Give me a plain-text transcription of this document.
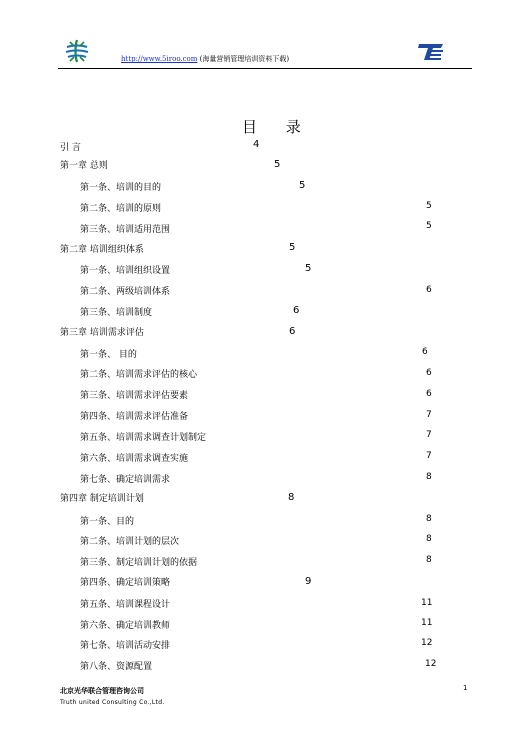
http://www.5iroo.com (海量营销管理培训资料下载)
目 录
引 言	4
第一章 总则	5
第一条、培训的目的	5
第二条、培训的原则	5
第三条、培训适用范围	5
第二章 培训组织体系	5
第一条、培训组织设置	5
第二条、两级培训体系	6
第三条、培训制度	6
第三章 培训需求评估	6
第一条、 目的	6
第二条、培训需求评估的核心	6
第三条、培训需求评估要素	6
第四条、培训需求评估准备	7
第五条、培训需求调查计划制定	7
第六条、培训需求调查实施	7
第七条、确定培训需求	8
第四章 制定培训计划	8
第一条、目的	8
第二条、培训计划的层次	8
第三条、制定培训计划的依据	8
第四条、确定培训策略	9
第五条、培训课程设计	11
第六条、确定培训教师	11
第七条、培训活动安排	12
第八条、资源配置	12
北京光华联合管理咨询公司
Truth united Consulting Co.,Ltd.
1
